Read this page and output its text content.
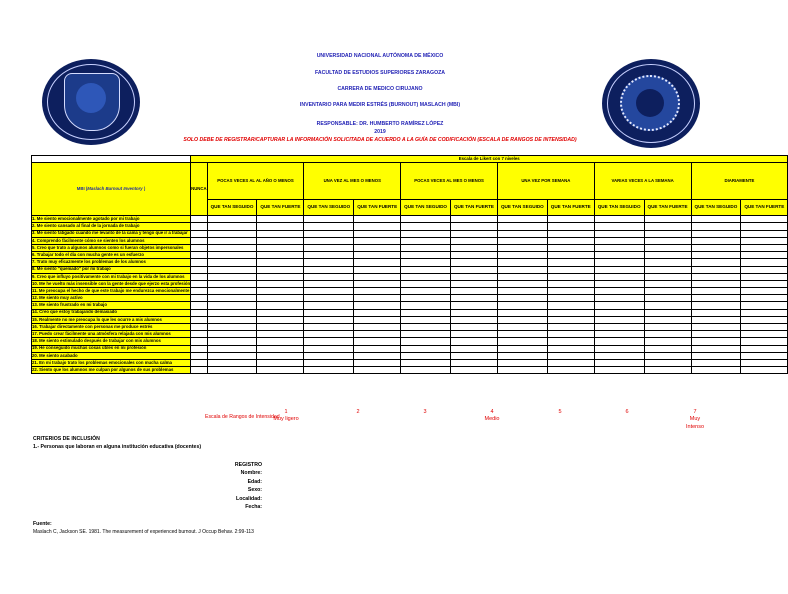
UNIVERSIDAD NACIONAL AUTÓNOMA DE MÉXICO
FACULTAD DE ESTUDIOS SUPERIORES ZARAGOZA
CARRERA DE MEDICO CIRUJANO
INVENTARIO PARA MEDIR ESTRÉS (BURNOUT) MASLACH (MBI)
RESPONSABLE: DR. HUMBERTO RAMÍREZ LÓPEZ
2019
SOLO DEBE DE REGISTRAR/CAPTURAR LA INFORMACIÓN SOLICITADA DE ACUERDO A LA GUÍA DE CODIFICACIÓN (ESCALA DE RANGOS DE INTENSIDAD)
	Escala de Likert con 7 niveles												
MBI (Maslach Burnout Inventory )	NUNCA	POCAS VECES AL AL AÑO O MENOS		UNA VEZ AL MES O MENOS		POCAS VECES AL MES O MENOS		UNA VEZ POR SEMANA		VARIAS VECES A LA SEMANA		DIARIAMENTE	
		QUE TAN SEGUIDO	QUE TAN FUERTE	QUE TAN SEGUIDO	QUE TAN FUERTE	QUE TAN SEGUIDO	QUE TAN FUERTE	QUE TAN SEGUIDO	QUE TAN FUERTE	QUE TAN SEGUIDO	QUE TAN FUERTE	QUE TAN SEGUIDO	QUE TAN FUERTE
1. Me siento emocionalmente agotado por mi trabajo													
2. Me siento cansado al final de la jornada de trabajo													
3. Me siento fatigado cuando me levanto de la cama y tengo que ir a trabajar													
4. Comprendo fácilmente cómo se sienten los alumnos													
5. Creo que trato a algunos alumnos como si fueran objetos impersonales													
6. Trabajar todo el día con mucha gente es un esfuerzo													
7. Trato muy eficazmente los problemas de los alumnos													
8. Me siento "quemado" por mi trabajo													
9. Creo que influyo positivamente con mi trabajo en la vida de los alumnos													
10. Me he vuelto más insensible con la gente desde que ejerzo esta profesión													
11. Me preocupa el hecho de que este trabajo me endurezca emocionalmente													
12. Me siento muy activo													
13. Me siento frustrado en mi trabajo													
14. Creo que estoy trabajando demasiado													
15. Realmente no me preocupa lo que les ocurre a mis alumnos													
16. Trabajar directamente con personas me produce estrés													
17. Puedo crear fácilmente una atmósfera relajada con mis alumnos													
18. Me siento estimulado después de trabajar con mis alumnos													
19. He conseguido muchas cosas útiles en mi profesión													
20. Me siento acabado													
21. En mi trabajo trato los problemas emocionales con mucha calma													
22. Siento que los alumnos me culpan por algunos de sus problemas													
Escala de Rangos de Intensidad
1
Muy ligero
2	3	4
Medio
5	6	7
Muy Intenso
CRITERIOS DE INCLUSIÓN
1.- Personas que laboran en alguna institución educativa (docentes)
REGISTRO
Nombre:
Edad:
Sexo:
Localidad:
Fecha:
Fuente:
Maslach C, Jackson SE. 1981. The measurement of experienced burnout. J Occup Behav. 2:99-113
